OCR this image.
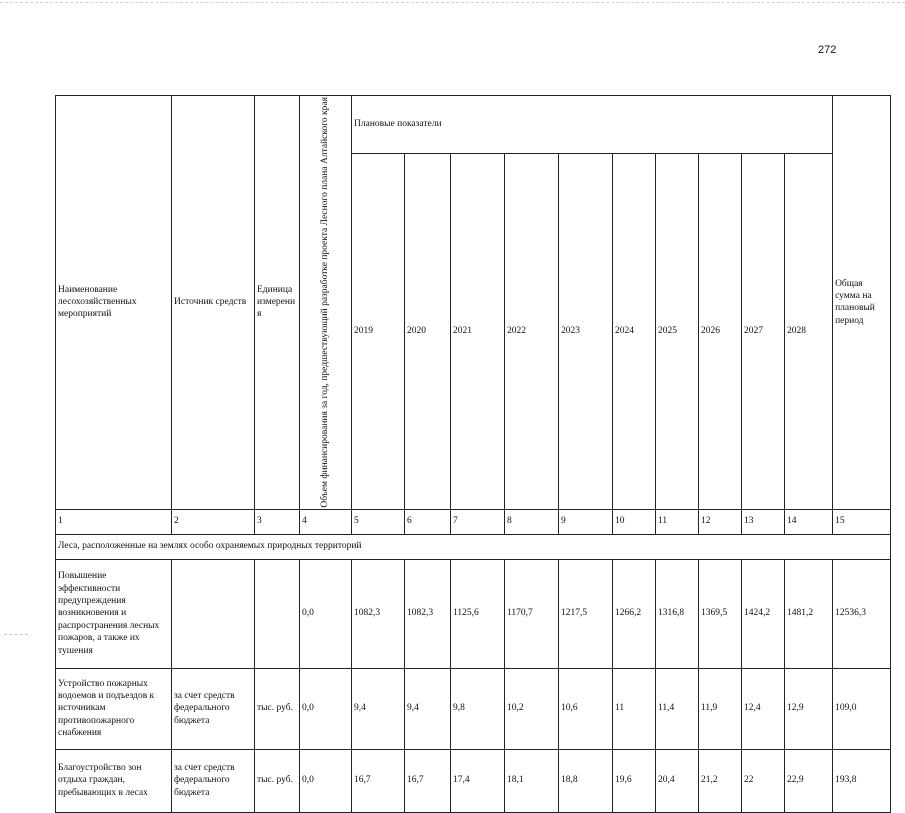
272
Наименование лесохозяйственных мероприятий	Источник средств	Единица измерения	Объем финансирования за год, предшествующий разработке проекта Лесного плана Алтайского края	Плановые показатели										Общая сумма на плановый период
				2019	2020	2021	2022	2023	2024	2025	2026	2027	2028	
1	2	3	4	5	6	7	8	9	10	11	12	13	14	15
Леса, расположенные на землях особо охраняемых природных территорий														
Повышение эффективности предупреждения возникновения и распространения лесных пожаров, а также их тушения			0,0	1082,3	1082,3	1125,6	1170,7	1217,5	1266,2	1316,8	1369,5	1424,2	1481,2	12536,3
Устройство пожарных водоемов и подъездов к источникам противопожарного снабжения	за счет средств федерального бюджета	тыс. руб.	0,0	9,4	9,4	9,8	10,2	10,6	11	11,4	11,9	12,4	12,9	109,0
Благоустройство зон отдыха граждан, пребывающих в лесах	за счет средств федерального бюджета	тыс. руб.	0,0	16,7	16,7	17,4	18,1	18,8	19,6	20,4	21,2	22	22,9	193,8
